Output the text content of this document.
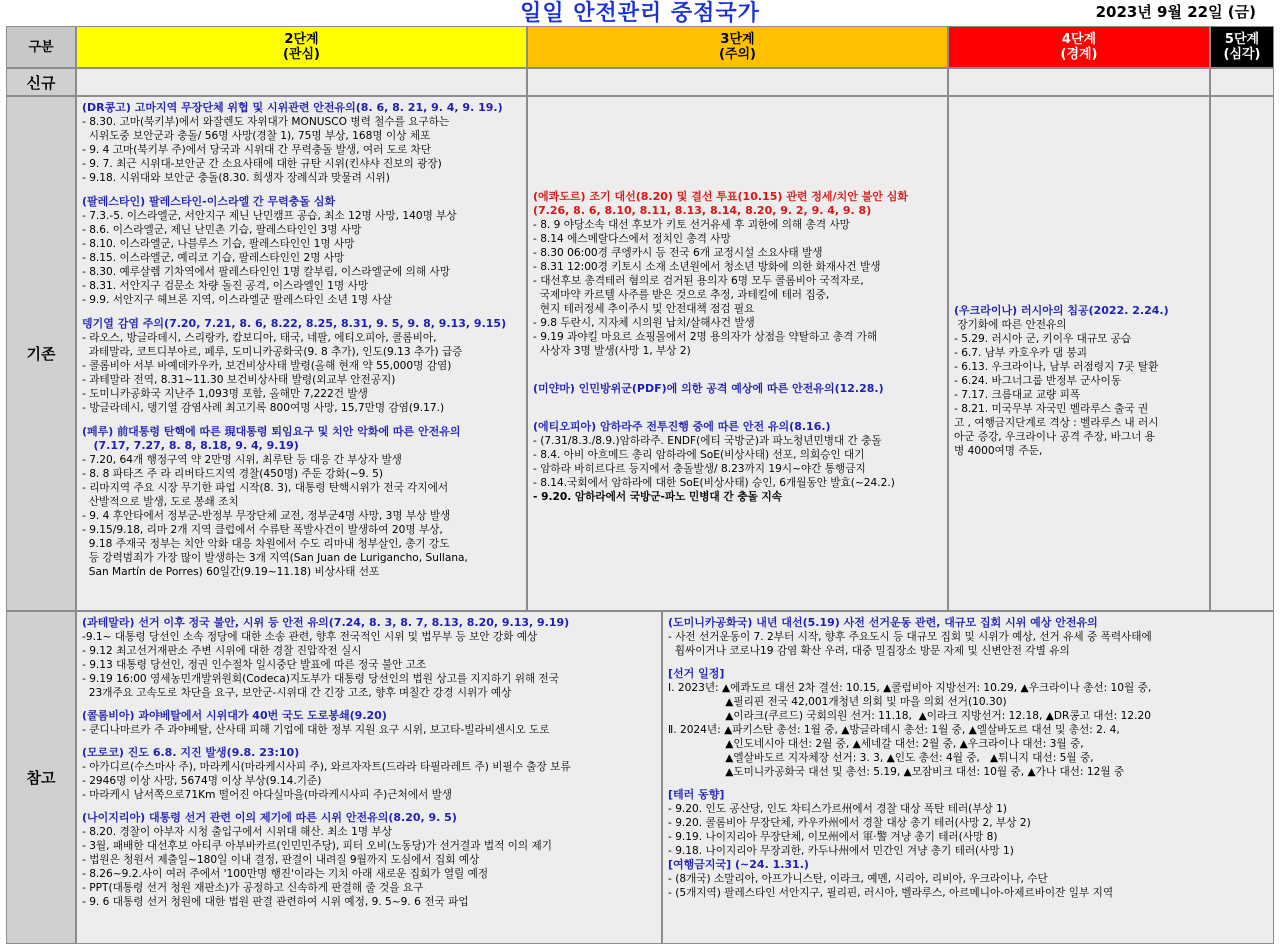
일일 안전관리 중점국가	2023년 9월 22일 (금)
구분	2단계
(관심)
3단계
(주의)
4단계
(경계)
5단계
(심각)
신규
기존
(DR콩고) 고마지역 무장단체 위협 및 시위관련 안전유의(8. 6, 8. 21, 9. 4, 9. 19.)
- 8.30. 고마(북키부)에서 와잘렌도 자위대가 MONUSCO 병력 철수를 요구하는
시위도중 보안군과 충돌/ 56명 사망(경찰 1), 75명 부상, 168명 이상 체포
- 9. 4 고마(북키부 주)에서 당국과 시위대 간 무력충돌 발생, 여러 도로 차단
- 9. 7. 최근 시위대-보안군 간 소요사태에 대한 규탄 시위(킨샤샤 진보의 광장)
- 9.18. 시위대와 보안군 충돌(8.30. 희생자 장례식과 맞물려 시위)
(팔레스타인) 팔레스타인-이스라엘 간 무력충돌 심화
- 7.3.-5. 이스라엘군, 서안지구 제닌 난민캠프 공습, 최소 12명 사망, 140명 부상
- 8.6. 이스라엘군, 제닌 난민촌 기습, 팔레스타인인 3명 사망
- 8.10. 이스라엘군, 나블루스 기습, 팔레스타인인 1명 사망
- 8.15. 이스라엘군, 예리코 기습, 팔레스타인인 2명 사망
- 8.30. 예루살렘 기차역에서 팔레스타인인 1명 칼부림, 이스라엘군에 의해 사망
- 8.31. 서안지구 검문소 차량 돌진 공격, 이스라엘인 1명 사망
- 9.9. 서안지구 헤브론 지역, 이스라엘군 팔레스타인 소년 1명 사살
뎅기열 감염 주의(7.20, 7.21, 8. 6, 8.22, 8.25, 8.31, 9. 5, 9. 8, 9.13, 9.15)
- 라오스, 방글라데시, 스리랑카, 캄보디아, 태국, 네팔, 에티오피아, 콜롬비아,
과테말라, 코트디부아르, 페루, 도미니카공화국(9. 8 추가), 인도(9.13 추가) 급증
- 콜롬비아 서부 바예데카우카, 보건비상사태 발령(올해 현재 약 55,000명 감염)
- 과테말라 전역, 8.31~11.30 보건비상사태 발령(외교부 안전공지)
- 도미니카공화국 지난주 1,093명 포함, 올해만 7,222건 발생
- 방글라데시, 뎅기열 감염사례 최고기록 800여명 사망, 15,7만명 감염(9.17.)
(페루) 前대통령 탄핵에 따른 現대통령 퇴임요구 및 치안 악화에 따른 안전유의
(7.17, 7.27, 8. 8, 8.18, 9. 4, 9.19)
- 7.20, 64개 행정구역 약 2만명 시위, 최루탄 등 대응 간 부상자 발생
- 8. 8 파타즈 주 라 리버타드지역 경찰(450명) 주둔 강화(~9. 5)
- 리마지역 주요 시장 무기한 파업 시작(8. 3), 대통령 탄핵시위가 전국 각지에서
산발적으로 발생, 도로 봉쇄 조치
- 9. 4 후안타에서 정부군-반정부 무장단체 교전, 정부군4명 사망, 3명 부상 발생
- 9.15/9.18, 리마 2개 지역 클럽에서 수류탄 폭발사건이 발생하여 20명 부상,
9.18 주재국 정부는 치안 악화 대응 차원에서 수도 리마내 청부살인, 총기 강도
등 강력범죄가 가장 많이 발생하는 3개 지역(San Juan de Lurigancho, Sullana,
San Martín de Porres) 60일간(9.19~11.18) 비상사태 선포
(에콰도르) 조기 대선(8.20) 및 결선 투표(10.15) 관련 정세/치안 불안 심화
(7.26, 8. 6, 8.10, 8.11, 8.13, 8.14, 8.20, 9. 2, 9. 4, 9. 8)
- 8. 9 야당소속 대선 후보가 키토 선거유세 후 괴한에 의해 총격 사망
- 8.14 에스메랄다스에서 정치인 총격 사망
- 8.30 06:00경 쿠엥카시 등 전국 6개 교정시설 소요사태 발생
- 8.31 12:00경 키토시 소재 소년원에서 청소년 방화에 의한 화재사건 발생
- 대선후보 총격테러 혐의로 검거된 용의자 6명 모두 콜롬비아 국적자로,
국제마약 카르텔 사주를 받은 것으로 추정, 과테킬에 테러 집중,
현지 테러정세 추이주시 및 안전대책 점검 필요
- 9.8 두란시, 지자체 시의원 납치/살해사건 발생
- 9.19 과야킬 마요르 쇼핑몰에서 2명 용의자가 상점을 약탈하고 총격 가해
사상자 3명 발생(사망 1, 부상 2)
(미얀마) 인민방위군(PDF)에 의한 공격 예상에 따른 안전유의(12.28.)
(에티오피아) 암하라주 전투진행 중에 따른 안전 유의(8.16.)
- (7.31/8.3./8.9.)암하라주. ENDF(에티 국방군)과 파노청년민병대 간 충돌
- 8.4. 아비 아흐메드 총리 암하라에 SoE(비상사태) 선포, 의회승인 대기
- 암하라 바히르다르 등지에서 충돌발생/ 8.23까지 19시~야간 통행금지
- 8.14.국회에서 암하라에 대한 SoE(비상사태) 승인, 6개월동안 발효(~24.2.)
- 9.20. 암하라에서 국방군-파노 민병대 간 충돌 지속
(우크라이나) 러시아의 침공(2022. 2.24.)
장기화에 따른 안전유의
- 5.29. 러시아 군, 키이우 대규모 공습
- 6.7. 남부 카호우카 댐 붕괴
- 6.13. 우크라이나, 남부 러점령지 7곳 탈환
- 6.24. 바그너그룹 반정부 군사이동
- 7.17. 크름대교 교량 피폭
- 8.21. 미국무부 자국민 벨라루스 출국 권
고 , 여행금지단계로 격상 : 벨라루스 내 러시
아군 증강, 우크라이나 공격 주장, 바그너 용
병 4000여명 주둔,
참고
(과테말라) 선거 이후 정국 불안, 시위 등 안전 유의(7.24, 8. 3, 8. 7, 8.13, 8.20, 9.13, 9.19)
-9.1~ 대통령 당선인 소속 정당에 대한 소송 관련, 향후 전국적인 시위 및 법무부 등 보안 강화 예상
- 9.12 최고선거재판소 주변 시위에 대한 경찰 진압작전 실시
- 9.13 대통령 당선인, 정권 인수절차 일시중단 발표에 따른 정국 불안 고조
- 9.19 16:00 영세농민개발위원회(Codeca)지도부가 대통령 당선인의 법원 상고를 지지하기 위해 전국
23개주요 고속도로 차단을 요구, 보안군-시위대 간 긴장 고조, 향후 며칠간 강경 시위가 예상
(콜롬비아) 과야베탈에서 시위대가 40번 국도 도로봉쇄(9.20)
- 쿤디나마르카 주 과야베탈, 산사태 피해 기업에 대한 정부 지원 요구 시위, 보고타-빌라비센시오 도로
(모로코) 진도 6.8. 지진 발생(9.8. 23:10)
- 아가디르(수스마사 주), 마라케시(마라케시사피 주), 와르자자트(드라라 타필라레트 주) 비필수 출장 보류
- 2946명 이상 사망, 5674명 이상 부상(9.14.기준)
- 마라케시 남서쪽으로71Km 떨어진 아다실마을(마라케시사피 주)근처에서 발생
(나이지리아) 대통령 선거 관련 이의 제기에 따른 시위 안전유의(8.20, 9. 5)
- 8.20. 경찰이 아부자 시청 출입구에서 시위대 해산. 최소 1명 부상
- 3월, 패배한 대선후보 아티쿠 아부바카르(인민민주당), 피터 오비(노동당)가 선거결과 법적 이의 제기
- 법원은 청원서 제출일~180일 이내 결정, 판결이 내려질 9월까지 도심에서 집회 예상
- 8.26~9.2.사이 여러 주에서 '100만명 행진'이라는 기치 아래 새로운 집회가 열릴 예정
- PPT(대통령 선거 청원 재판소)가 공정하고 신속하게 판결해 줄 것을 요구
- 9. 6 대통령 선거 청원에 대한 법원 판결 관련하여 시위 예정, 9. 5~9. 6 전국 파업
(도미니카공화국) 내년 대선(5.19) 사전 선거운동 관련, 대규모 집회 시위 예상 안전유의
- 사전 선거운동이 7. 2부터 시작, 향후 주요도시 등 대규모 집회 및 시위가 예상, 선거 유세 중 폭력사태에
휩싸이거나 코로나19 감염 확산 우려, 대중 밀집장소 방문 자제 및 신변안전 각별 유의
[선거 일정]
Ⅰ. 2023년: ▲에콰도르 대선 2차 결선: 10.15, ▲콜럼비아 지방선거: 10.29, ▲우크라이나 총선: 10월 중,
▲필리핀 전국 42,001개청년 의회 및 마을 의회 선거(10.30)
▲이라크(쿠르드) 국회의원 선거: 11.18,  ▲이라크 지방선거: 12.18, ▲DR콩고 대선: 12.20
Ⅱ. 2024년: ▲파키스탄 총선: 1월 중, ▲방글라데시 총선: 1월 중, ▲엘살바도르 대선 및 총선: 2. 4,
▲인도네시아 대선: 2월 중, ▲세네갈 대선: 2월 중, ▲우크라이나 대선: 3월 중,
▲엘살바도르 지자체장 선거: 3. 3, ▲인도 총선: 4월 중,   ▲튀니지 대선: 5월 중,
▲도미니카공화국 대선 및 총선: 5.19, ▲모잠비크 대선: 10월 중, ▲가나 대선: 12월 중
[테러 동향]
- 9.20. 인도 공산당, 인도 차티스가르州에서 경찰 대상 폭탄 테러(부상 1)
- 9.20. 콜롬비아 무장단체, 카우카州에서 경찰 대상 총기 테러(사망 2, 부상 2)
- 9.19. 나이지리아 무장단체, 이모州에서 軍·警 겨냥 총기 테러(사망 8)
- 9.18. 나이지리아 무장괴한, 카두나州에서 민간인 겨냥 총기 테러(사망 1)
[여행금지국] (~24. 1.31.)
- (8개국) 소말리아, 아프가니스탄, 이라크, 예멘, 시리아, 리비아, 우크라이나, 수단
- (5개지역) 팔레스타인 서안지구, 필리핀, 러시아, 벨라루스, 아르메니아-아제르바이잔 일부 지역
